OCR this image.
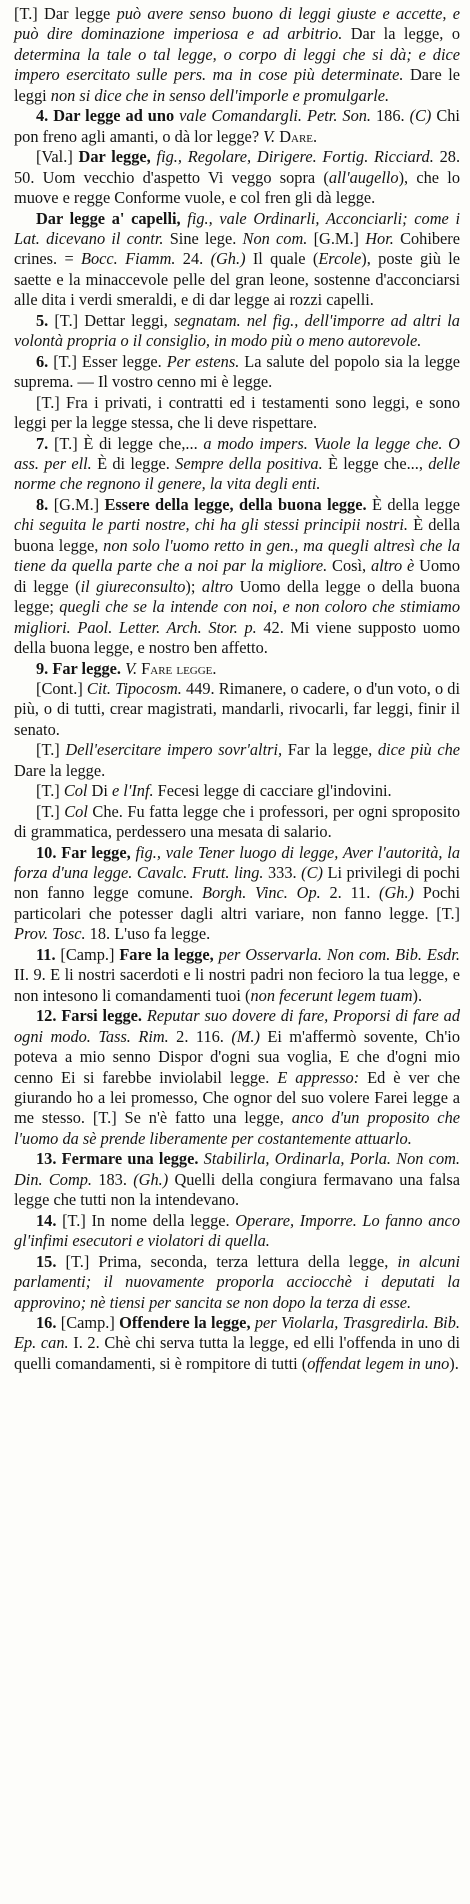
[T.] Dar legge può avere senso buono di leggi giuste e accette, e può dire dominazione imperiosa e ad arbitrio. Dar la legge, o determina la tale o tal legge, o corpo di leggi che si dà; e dice impero esercitato sulle pers. ma in cose più determinate. Dare le leggi non si dice che in senso dell'imporle e promulgarle.

4. Dar legge ad uno vale Comandargli. Petr. Son. 186. (C) Chi pon freno agli amanti, o dà lor legge? V. Dare.

[Val.] Dar legge, fig., Regolare, Dirigere. Fortig. Ricciard. 28. 50. Uom vecchio d'aspetto Vi veggo sopra (all'augello), che lo muove e regge Conforme vuole, e col fren gli dà legge.

Dar legge a' capelli, fig., vale Ordinarli, Acconciarli; come i Lat. dicevano il contr. Sine lege. Non com. [G.M.] Hor. Cohibere crines. = Bocc. Fiamm. 24. (Gh.) Il quale (Ercole), poste giù le saette e la minaccevole pelle del gran leone, sostenne d'acconciarsi alle dita i verdi smeraldi, e di dar legge ai rozzi capelli.

5. [T.] Dettar leggi, segnatam. nel fig., dell'imporre ad altri la volontà propria o il consiglio, in modo più o meno autorevole.

6. [T.] Esser legge. Per estens. La salute del popolo sia la legge suprema. — Il vostro cenno mi è legge.

[T.] Fra i privati, i contratti ed i testamenti sono leggi, e sono leggi per la legge stessa, che li deve rispettare.

7. [T.] È di legge che,... a modo impers. Vuole la legge che. O ass. per ell. È di legge. Sempre della positiva. È legge che..., delle norme che regnono il genere, la vita degli enti.

8. [G.M.] Essere della legge, della buona legge. È della legge chi seguita le parti nostre, chi ha gli stessi principii nostri. È della buona legge, non solo l'uomo retto in gen., ma quegli altresì che la tiene da quella parte che a noi par la migliore. Così, altro è Uomo di legge (il giureconsulto); altro Uomo della legge o della buona legge; quegli che se la intende con noi, e non coloro che stimiamo migliori. Paol. Letter. Arch. Stor. p. 42. Mi viene supposto uomo della buona legge, e nostro ben affetto.

9. Far legge. V. Fare legge.

[Cont.] Cit. Tipocosm. 449. Rimanere, o cadere, o d'un voto, o di più, o di tutti, crear magistrati, mandarli, rivocarli, far leggi, finir il senato.

[T.] Dell'esercitare impero sovr'altri, Far la legge, dice più che Dare la legge.

[T.] Col Di e l'Inf. Fecesi legge di cacciare gl'indovini.

[T.] Col Che. Fu fatta legge che i professori, per ogni sproposito di grammatica, perdessero una mesata di salario.

10. Far legge, fig., vale Tener luogo di legge, Aver l'autorità, la forza d'una legge. Cavalc. Frutt. ling. 333. (C) Li privilegi di pochi non fanno legge comune. Borgh. Vinc. Op. 2. 11. (Gh.) Pochi particolari che potesser dagli altri variare, non fanno legge. [T.] Prov. Tosc. 18. L'uso fa legge.

11. [Camp.] Fare la legge, per Osservarla. Non com. Bib. Esdr. II. 9. E li nostri sacerdoti e li nostri padri non fecioro la tua legge, e non intesono li comandamenti tuoi (non fecerunt legem tuam).

12. Farsi legge. Reputar suo dovere di fare, Proporsi di fare ad ogni modo. Tass. Rim. 2. 116. (M.) Ei m'affermò sovente, Ch'io poteva a mio senno Dispor d'ogni sua voglia, E che d'ogni mio cenno Ei si farebbe inviolabil legge. E appresso: Ed è ver che giurando ho a lei promesso, Che ognor del suo volere Farei legge a me stesso. [T.] Se n'è fatto una legge, anco d'un proposito che l'uomo da sè prende liberamente per costantemente attuarlo.

13. Fermare una legge. Stabilirla, Ordinarla, Porla. Non com. Din. Comp. 183. (Gh.) Quelli della congiura fermavano una falsa legge che tutti non la intendevano.

14. [T.] In nome della legge. Operare, Imporre. Lo fanno anco gl'infimi esecutori e violatori di quella.

15. [T.] Prima, seconda, terza lettura della legge, in alcuni parlamenti; il nuovamente proporla acciocchè i deputati la approvino; nè tiensi per sancita se non dopo la terza di esse.

16. [Camp.] Offendere la legge, per Violarla, Trasgredirla. Bib. Ep. can. I. 2. Chè chi serva tutta la legge, ed elli l'offenda in uno di quelli comandamenti, si è rompitore di tutti (offendat legem in uno).
